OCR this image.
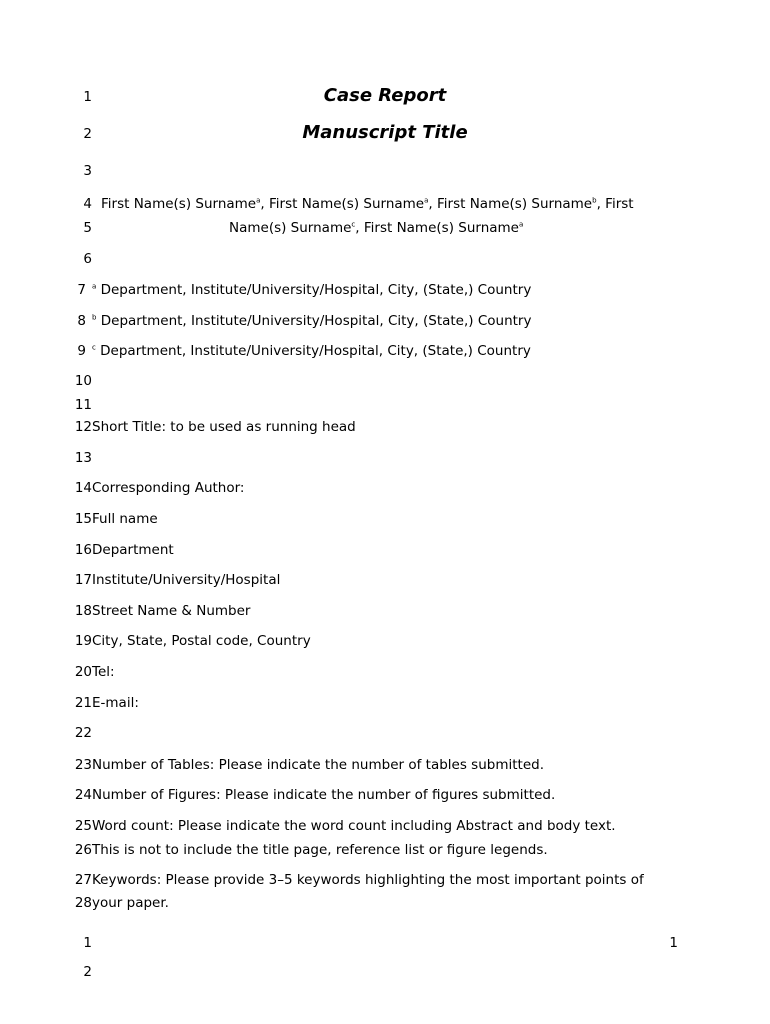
Case Report
Manuscript Title
1
2
3
4
5
6
7
8
9
10
11
12
13
14
15
16
17
18
19
20
21
22
23
24
25
26
27
28
First Name(s) Surname$^a$, First Name(s) Surname$^a$, First Name(s) Surname$^b$, First
Name(s) Surname$^c$, First Name(s) Surname$^a$
$^a$ Department, Institute/University/Hospital, City, (State,) Country
$^b$ Department, Institute/University/Hospital, City, (State,) Country
$^c$ Department, Institute/University/Hospital, City, (State,) Country
Short Title: to be used as running head
Corresponding Author:
Full name
Department
Institute/University/Hospital
Street Name & Number
City, State, Postal code, Country
Tel:
E-mail:
Number of Tables: Please indicate the number of tables submitted.
Number of Figures: Please indicate the number of figures submitted.
Word count: Please indicate the word count including Abstract and body text.
This is not to include the title page, reference list or figure legends.
Keywords: Please provide 3–5 keywords highlighting the most important points of
your paper.
1	1
2
